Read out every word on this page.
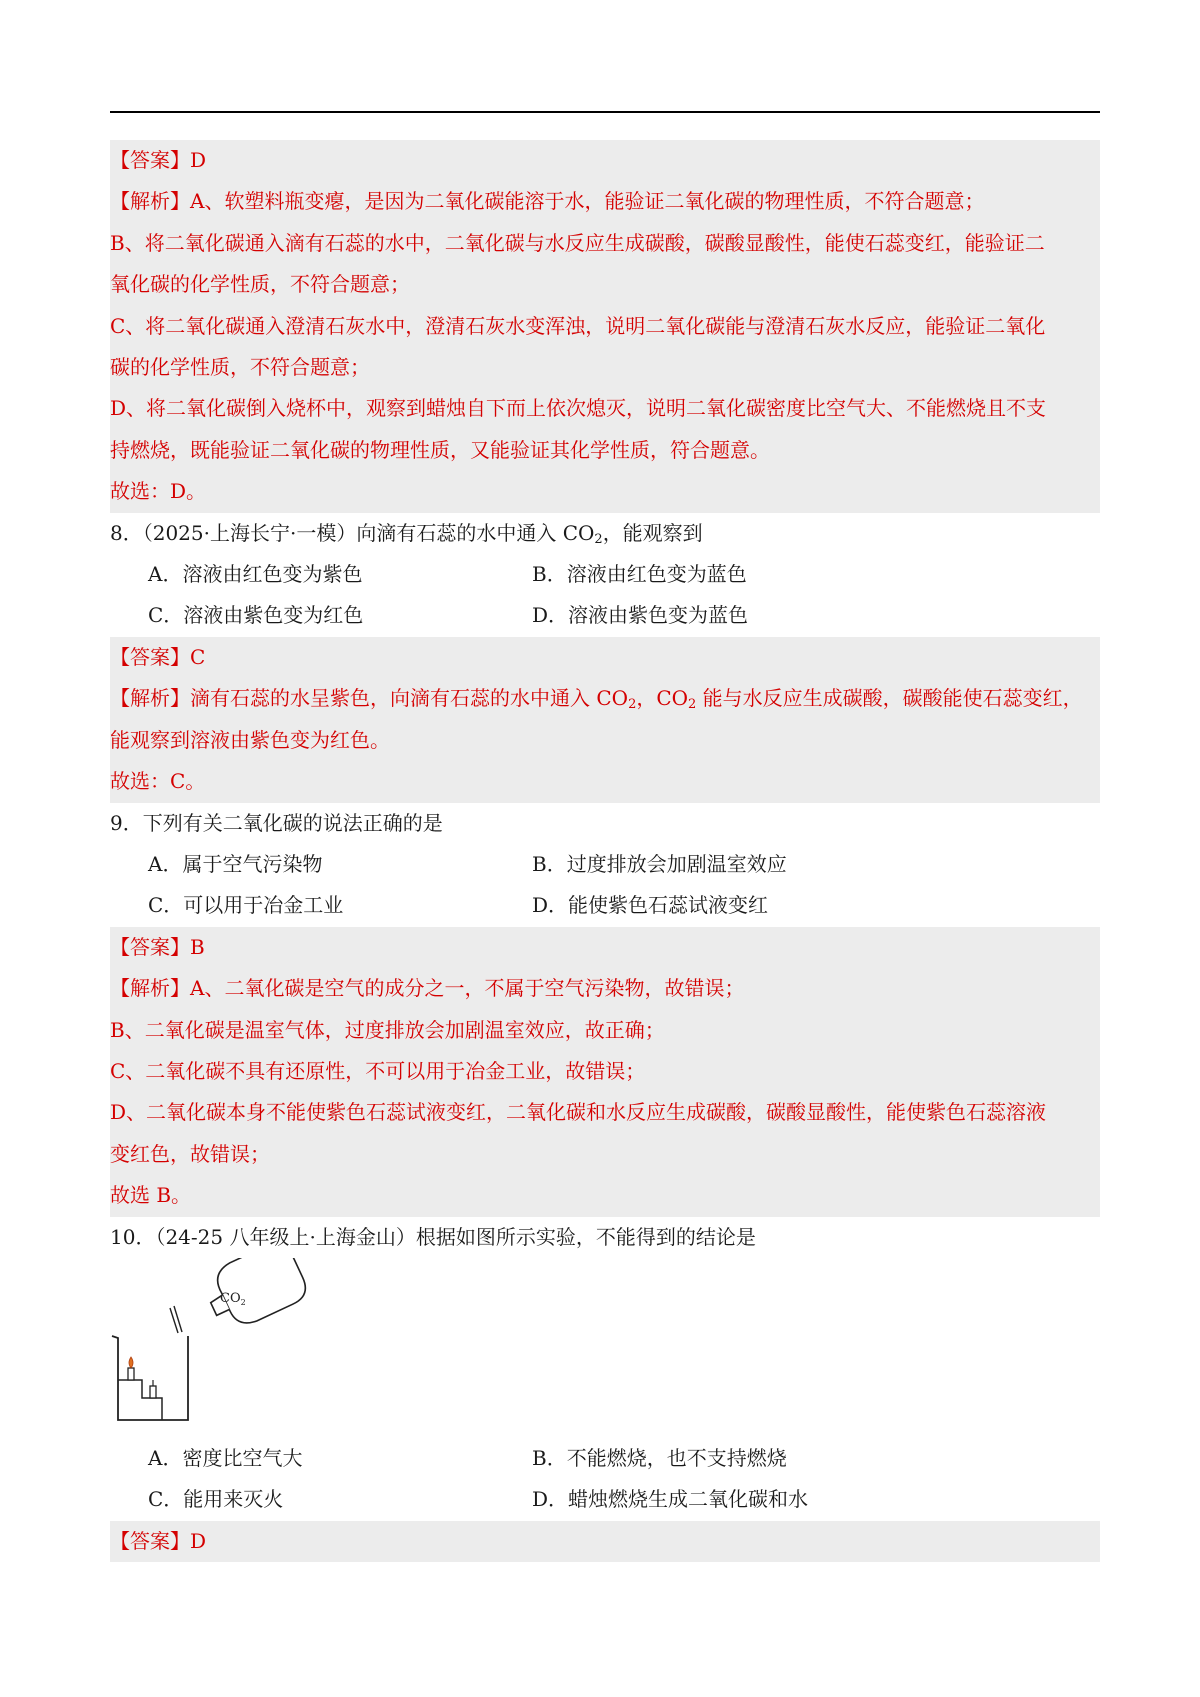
【答案】D
【解析】A、软塑料瓶变瘪，是因为二氧化碳能溶于水，能验证二氧化碳的物理性质，不符合题意；
B、将二氧化碳通入滴有石蕊的水中，二氧化碳与水反应生成碳酸，碳酸显酸性，能使石蕊变红，能验证二
氧化碳的化学性质，不符合题意；
C、将二氧化碳通入澄清石灰水中，澄清石灰水变浑浊，说明二氧化碳能与澄清石灰水反应，能验证二氧化
碳的化学性质，不符合题意；
D、将二氧化碳倒入烧杯中，观察到蜡烛自下而上依次熄灭，说明二氧化碳密度比空气大、不能燃烧且不支
持燃烧，既能验证二氧化碳的物理性质，又能验证其化学性质，符合题意。
故选：D。
8．（2025·上海长宁·一模）向滴有石蕊的水中通入 $CO_2$，能观察到
A．溶液由红色变为紫色	B．溶液由红色变为蓝色
C．溶液由紫色变为红色	D．溶液由紫色变为蓝色
【答案】C
【解析】滴有石蕊的水呈紫色，向滴有石蕊的水中通入 $CO_2$，$CO_2$ 能与水反应生成碳酸，碳酸能使石蕊变红，
能观察到溶液由紫色变为红色。
故选：C。
9．下列有关二氧化碳的说法正确的是
A．属于空气污染物	B．过度排放会加剧温室效应
C．可以用于冶金工业	D．能使紫色石蕊试液变红
【答案】B
【解析】A、二氧化碳是空气的成分之一，不属于空气污染物，故错误；
B、二氧化碳是温室气体，过度排放会加剧温室效应，故正确；
C、二氧化碳不具有还原性，不可以用于冶金工业，故错误；
D、二氧化碳本身不能使紫色石蕊试液变红，二氧化碳和水反应生成碳酸，碳酸显酸性，能使紫色石蕊溶液
变红色，故错误；
故选 B。
10．（24-25 八年级上·上海金山）根据如图所示实验，不能得到的结论是
$CO_2$
A．密度比空气大	B．不能燃烧，也不支持燃烧
C．能用来灭火	D．蜡烛燃烧生成二氧化碳和水
【答案】D
